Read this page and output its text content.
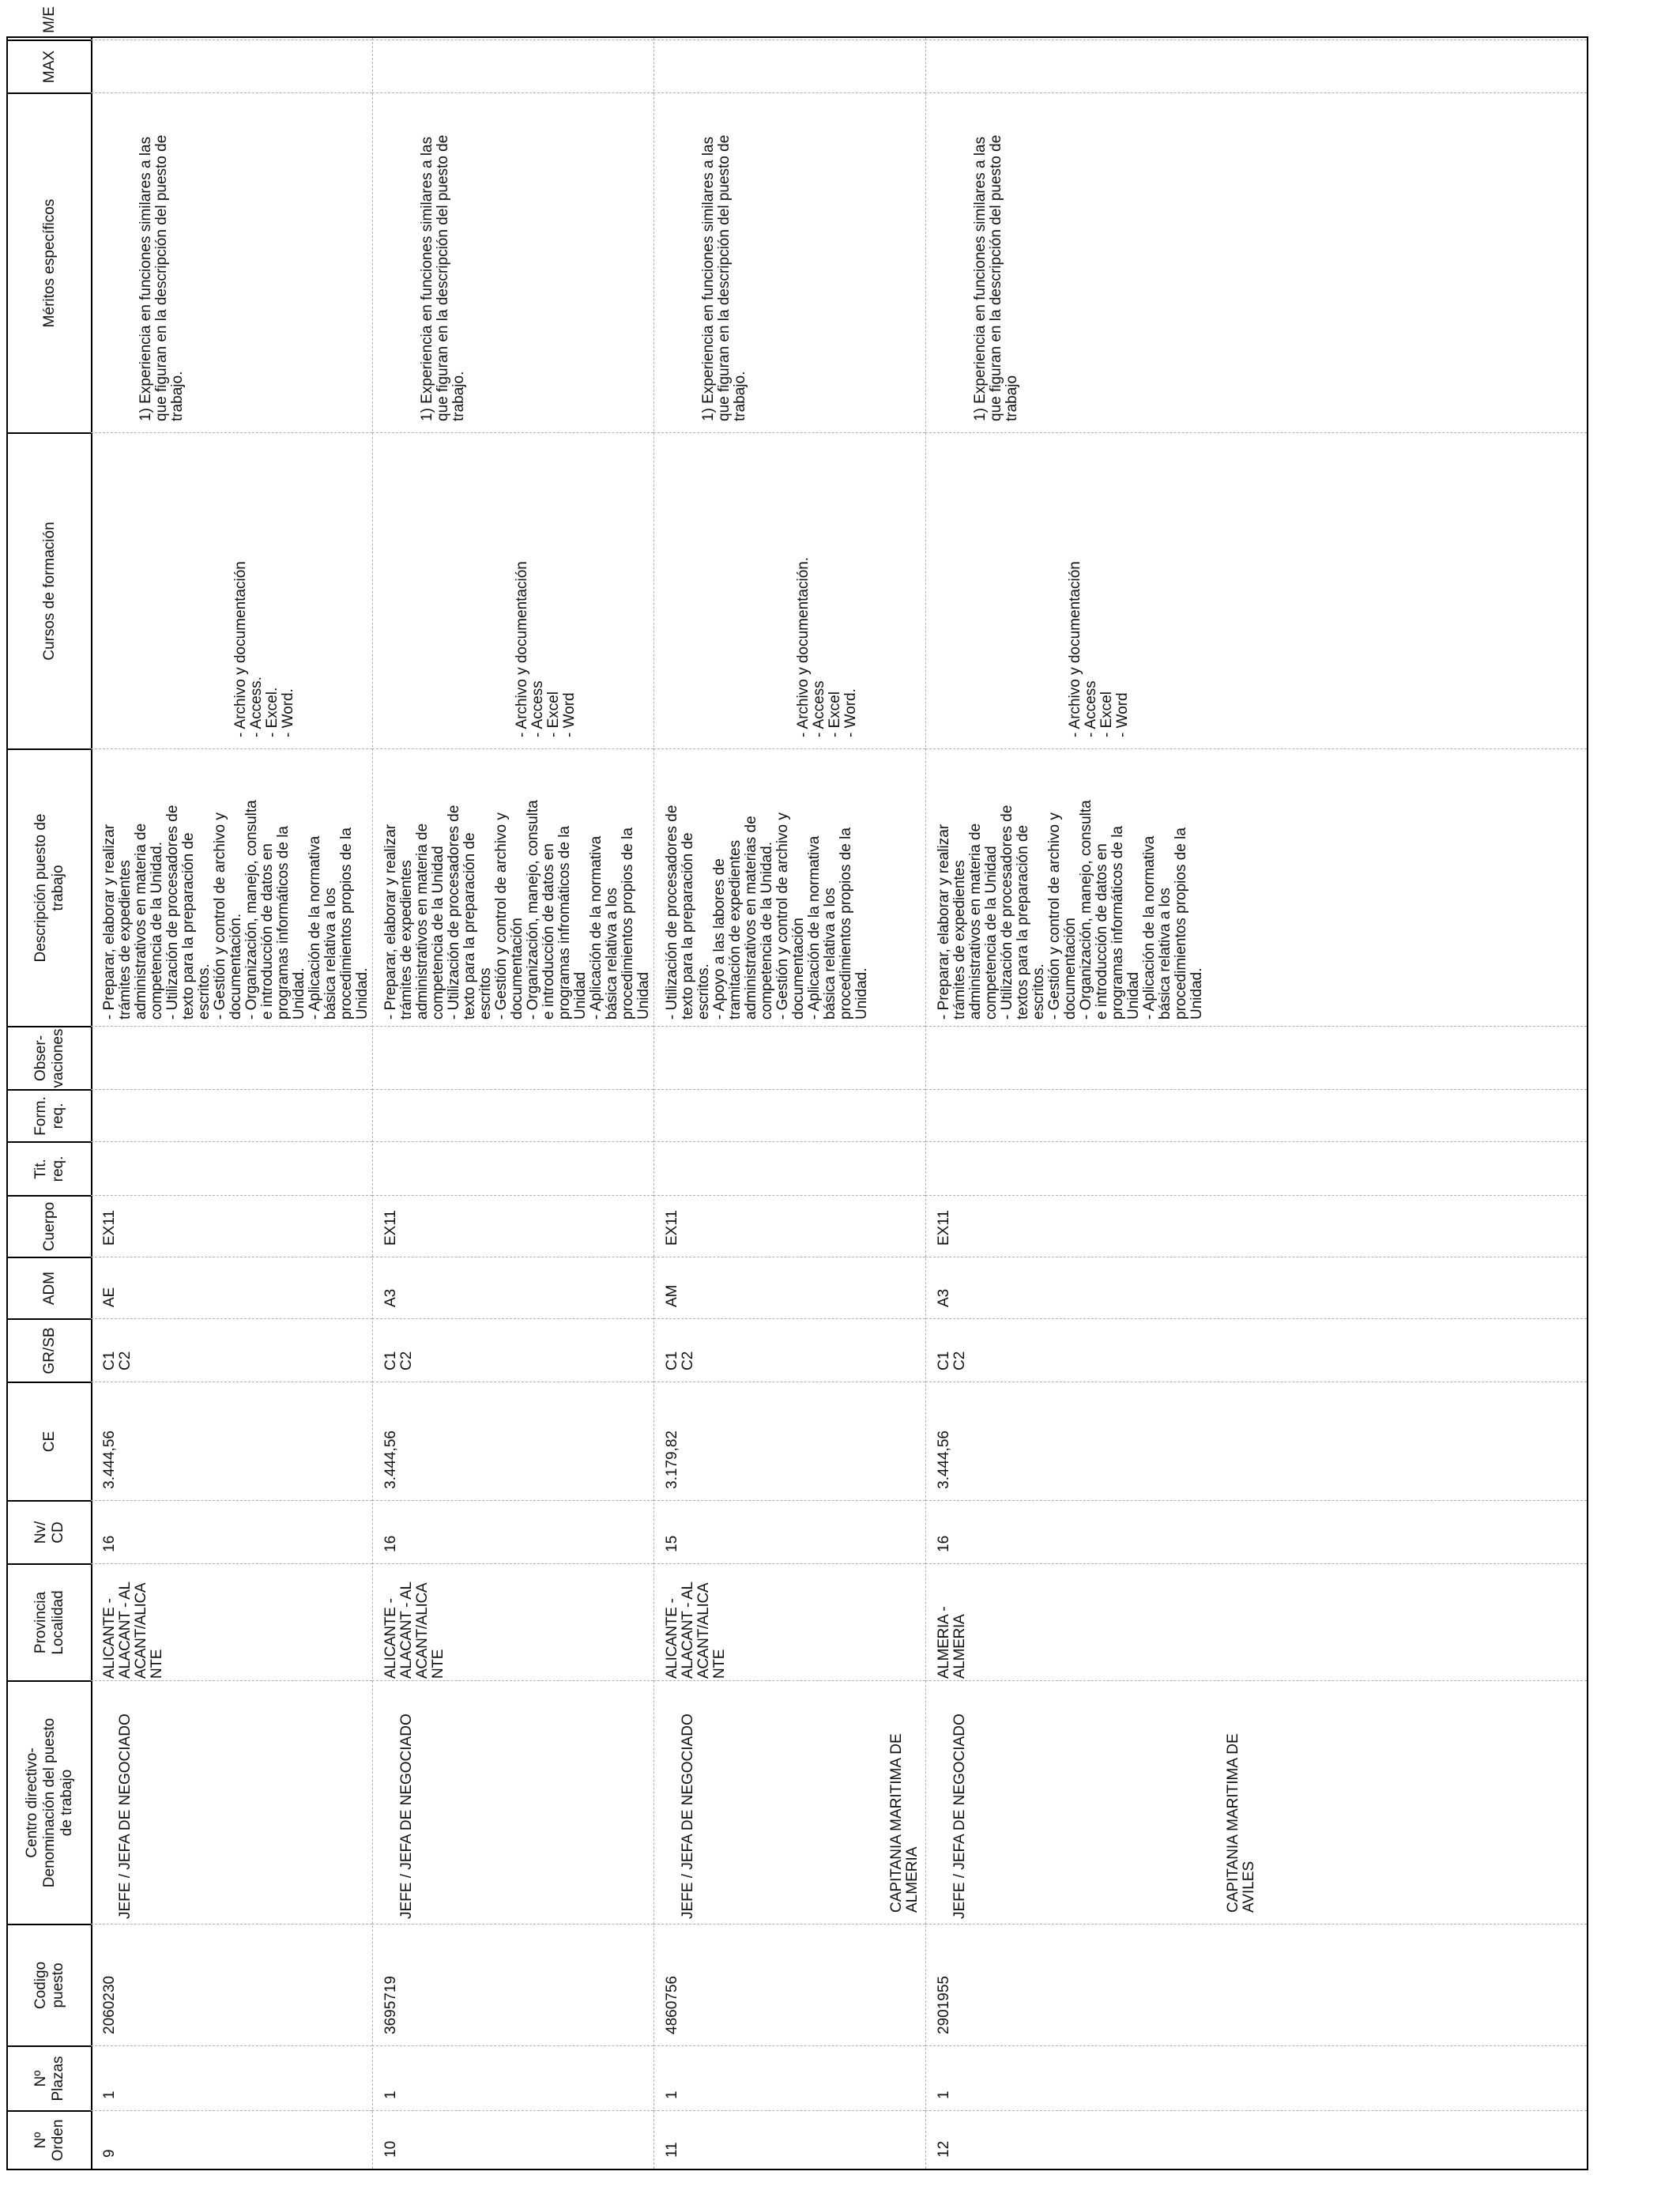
Nº
Orden
Nº
Plazas
Codigo
puesto
Centro directivo-
Denominación del puesto
de trabajo
Provincia
Localidad
Nv/
CD
CE
GR/SB
ADM
Cuerpo
Tit.
req.
Form.
req.
Obser-
vaciones
Descripción puesto de
trabajo
Cursos de formación
Méritos específicos
MAX
M/E
9
1
2060230

JEFE / JEFA DE NEGOCIADO

ALICANTE -
ALACANT - AL
ACANT/ALICA
NTE
16
3.444,56
C1
C2
AE
EX11
- Preparar, elaborar y realizar
trámites de expedientes
administrativos en materia de
competencia de la Unidad.
- Utilización de procesadores de
texto para la preparación de
escritos.
- Gestión y control de archivo y
documentación.
- Organización, manejo, consulta
e introducción de datos en
programas informáticos de la
Unidad.
- Aplicación de la normativa
básica relativa a los
procedimientos propios de la
Unidad.
- Archivo y documentación
- Access.
- Excel.
- Word.
1) Experiencia en funciones similares a las
que figuran en la descripción del puesto de
trabajo.
10
1
3695719

JEFE / JEFA DE NEGOCIADO

ALICANTE -
ALACANT - AL
ACANT/ALICA
NTE
16
3.444,56
C1
C2
A3
EX11
- Preparar, elaborar y realizar
trámites de expedientes
administrativos en materia de
competencia de la Unidad
- Utilización de procesadores de
texto para la preparación de
escritos
- Gestión y control de archivo y
documentación
- Organización, manejo, consulta
e introducción de datos en
programas infromáticos de la
Unidad
- Aplicación de la normativa
básica relativa a los
procedimientos propios de la
Unidad
- Archivo y documentación
- Access
- Excel
- Word
1) Experiencia en funciones similares a las
que figuran en la descripción del puesto de
trabajo.
11
1
4860756

JEFE / JEFA DE NEGOCIADO	CAPITANIA MARITIMA DE
ALMERIA

ALICANTE -
ALACANT - AL
ACANT/ALICA
NTE
15
3.179,82
C1
C2
AM
EX11
- Utilización de procesadores de
texto para la preparación de
escritos.
- Apoyo a las labores de
tramitación de expedientes
administrativos en materias de
competencia de la Unidad.
- Gestión y control de archivo y
documentación
- Aplicación de la normativa
básica relativa a los
procedimientos propios de la
Unidad.
- Archivo y documentación.
- Access
- Excel
- Word.
1) Experiencia en funciones similares a las
que figuran en la descripción del puesto de
trabajo.
12
1
2901955

JEFE / JEFA DE NEGOCIADO	CAPITANIA MARITIMA DE
AVILES

ALMERIA -
ALMERIA
16
3.444,56
C1
C2
A3
EX11
- Preparar, elaborar y realizar
trámites de expedientes
administrativos en materia de
competencia de la Unidad
- Utilización de procesadores de
textos para la preparación de
escritos.
- Gestión y control de archivo y
documentación
- Organización, manejo, consulta
e introducción de datos en
programas informáticos de la
Unidad
- Aplicación de la normativa
básica relativa a los
procedimientos propios de la
Unidad.
- Archivo y documentación
- Access
- Excel
- Word
1) Experiencia en funciones similares a las
que figuran en la descripción del puesto de
trabajo
